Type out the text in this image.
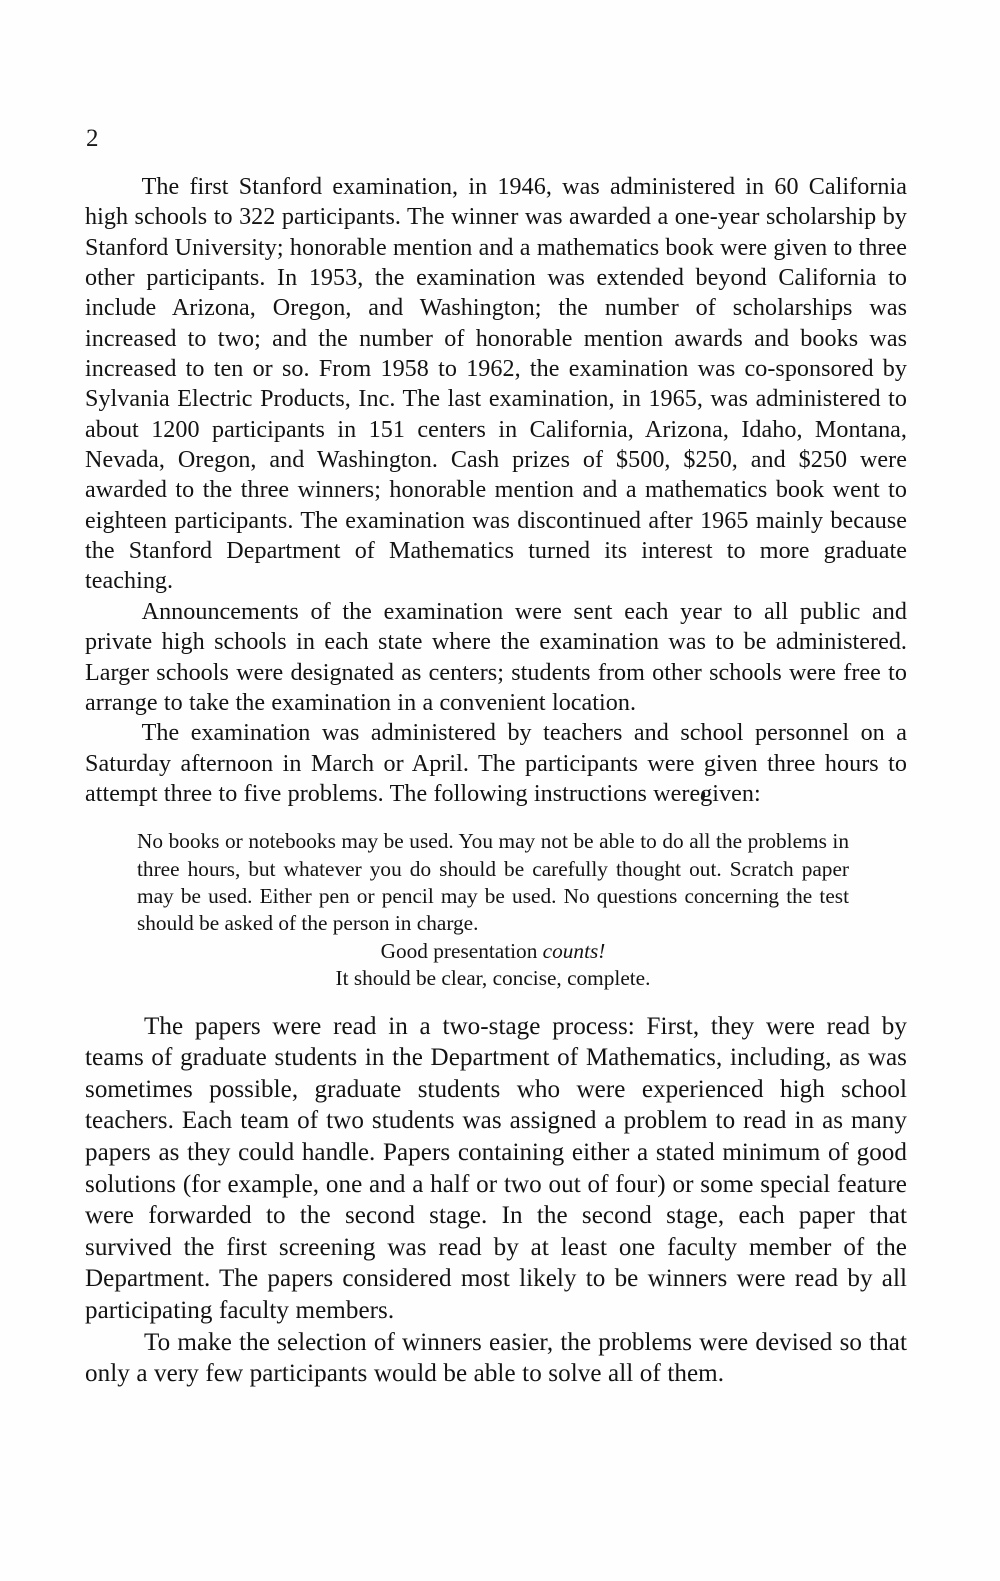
2

The first Stanford examination, in 1946, was administered in 60 California high schools to 322 participants. The winner was awarded a one-year scholarship by Stanford University; honorable mention and a mathematics book were given to three other participants. In 1953, the examination was extended beyond California to include Arizona, Oregon, and Washington; the number of scholarships was increased to two; and the number of honorable mention awards and books was increased to ten or so. From 1958 to 1962, the examination was co-sponsored by Sylvania Electric Products, Inc. The last examination, in 1965, was administered to about 1200 participants in 151 centers in California, Arizona, Idaho, Montana, Nevada, Oregon, and Washington. Cash prizes of $500, $250, and $250 were awarded to the three winners; honorable mention and a mathematics book went to eighteen participants. The examination was discontinued after 1965 mainly because the Stanford Department of Mathematics turned its interest to more graduate teaching.

Announcements of the examination were sent each year to all public and private high schools in each state where the examination was to be administered. Larger schools were designated as centers; students from other schools were free to arrange to take the examination in a convenient location.

The examination was administered by teachers and school personnel on a Saturday afternoon in March or April. The participants were given three hours to attempt three to five problems. The following instructions weregiven:

No books or notebooks may be used. You may not be able to do all the problems in three hours, but whatever you do should be carefully thought out. Scratch paper may be used. Either pen or pencil may be used. No questions concerning the test should be asked of the person in charge.

Good presentation counts!

It should be clear, concise, complete.

The papers were read in a two-stage process: First, they were read by teams of graduate students in the Department of Mathematics, including, as was sometimes possible, graduate students who were experienced high school teachers. Each team of two students was assigned a problem to read in as many papers as they could handle. Papers containing either a stated minimum of good solutions (for example, one and a half or two out of four) or some special feature were forwarded to the second stage. In the second stage, each paper that survived the first screening was read by at least one faculty member of the Department. The papers considered most likely to be winners were read by all participating faculty members.

To make the selection of winners easier, the problems were devised so that only a very few participants would be able to solve all of them.
